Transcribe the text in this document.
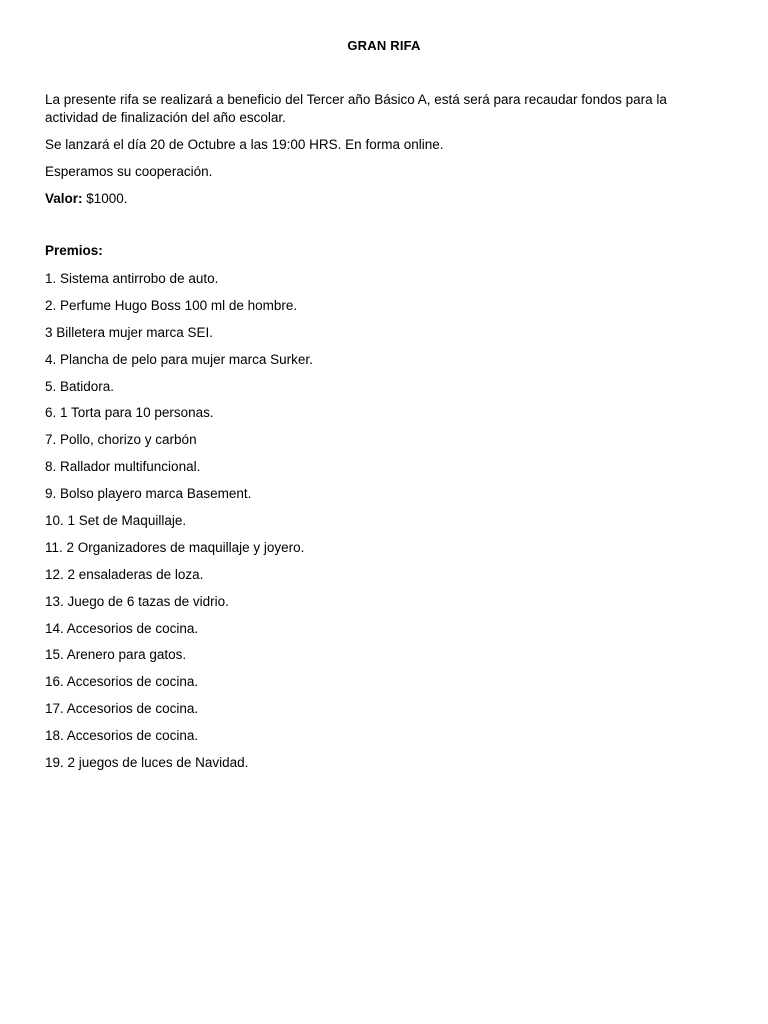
GRAN RIFA

La presente rifa se realizará a beneficio del Tercer año Básico A, está será para recaudar fondos para la actividad de finalización del año escolar.

Se lanzará el día 20 de Octubre a las 19:00 HRS. En forma online.

Esperamos su cooperación.

Valor: $1000.

Premios:

1. Sistema antirrobo de auto.
2. Perfume Hugo Boss 100 ml de hombre.
3 Billetera mujer marca SEI.
4. Plancha de pelo para mujer marca Surker.
5. Batidora.
6. 1 Torta para 10 personas.
7. Pollo, chorizo y carbón
8. Rallador multifuncional.
9. Bolso playero marca Basement.
10. 1 Set de Maquillaje.
11. 2 Organizadores de maquillaje y joyero.
12. 2 ensaladeras de loza.
13. Juego de 6 tazas de vidrio.
14. Accesorios de cocina.
15. Arenero para gatos.
16. Accesorios de cocina.
17. Accesorios de cocina.
18. Accesorios de cocina.
19. 2 juegos de luces de Navidad.
